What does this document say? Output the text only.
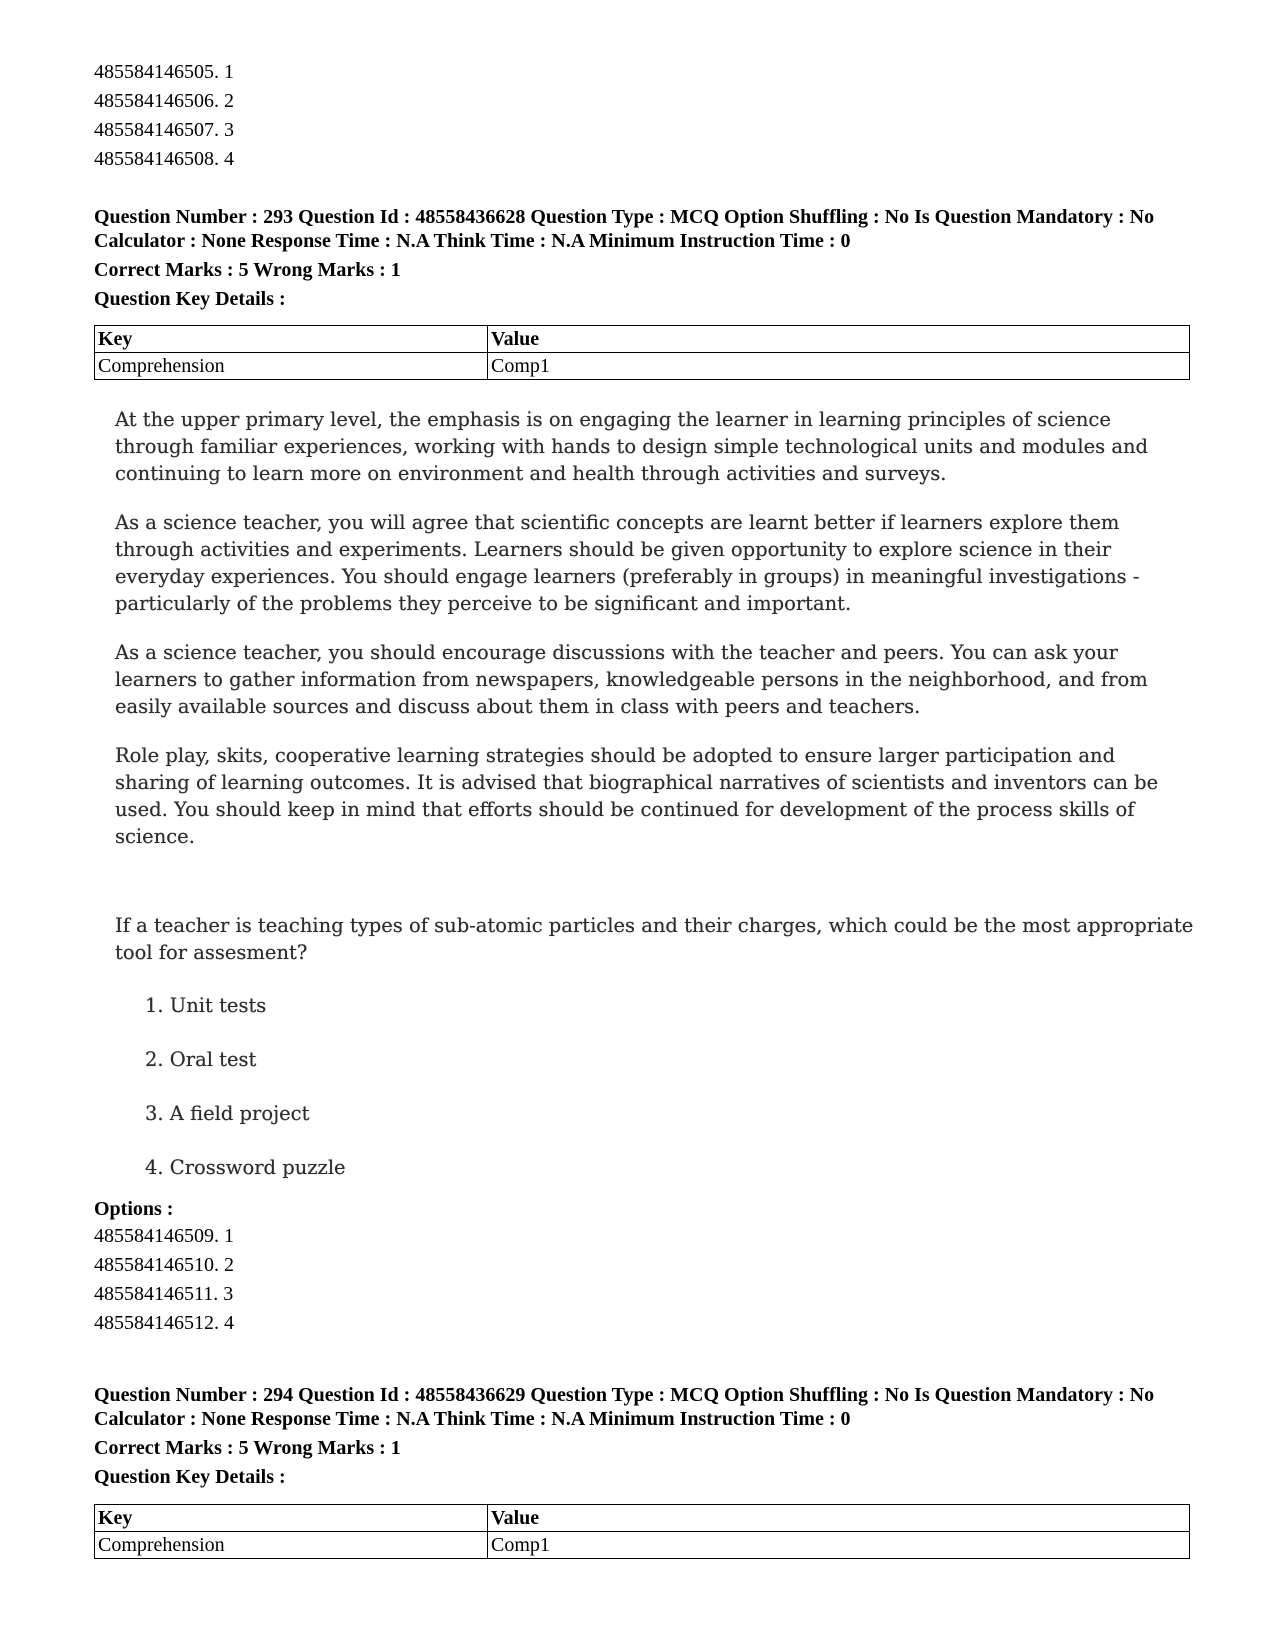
485584146505. 1
485584146506. 2
485584146507. 3
485584146508. 4
Question Number : 293 Question Id : 48558436628 Question Type : MCQ Option Shuffling : No Is Question Mandatory : No Calculator : None Response Time : N.A Think Time : N.A Minimum Instruction Time : 0
Correct Marks : 5 Wrong Marks : 1
Question Key Details :
Key	Value
Comprehension	Comp1

At the upper primary level, the emphasis is on engaging the learner in learning principles of science through familiar experiences, working with hands to design simple technological units and modules and continuing to learn more on environment and health through activities and surveys.

As a science teacher, you will agree that scientific concepts are learnt better if learners explore them through activities and experiments. Learners should be given opportunity to explore science in their everyday experiences. You should engage learners (preferably in groups) in meaningful investigations - particularly of the problems they perceive to be significant and important.

As a science teacher, you should encourage discussions with the teacher and peers. You can ask your learners to gather information from newspapers, knowledgeable persons in the neighborhood, and from easily available sources and discuss about them in class with peers and teachers.

Role play, skits, cooperative learning strategies should be adopted to ensure larger participation and sharing of learning outcomes. It is advised that biographical narratives of scientists and inventors can be used. You should keep in mind that efforts should be continued for development of the process skills of science.

If a teacher is teaching types of sub-atomic particles and their charges, which could be the most appropriate tool for assesment?

1. Unit tests
2. Oral test
3. A field project
4. Crossword puzzle
Options :
485584146509. 1
485584146510. 2
485584146511. 3
485584146512. 4
Question Number : 294 Question Id : 48558436629 Question Type : MCQ Option Shuffling : No Is Question Mandatory : No Calculator : None Response Time : N.A Think Time : N.A Minimum Instruction Time : 0
Correct Marks : 5 Wrong Marks : 1
Question Key Details :
Key	Value
Comprehension	Comp1
